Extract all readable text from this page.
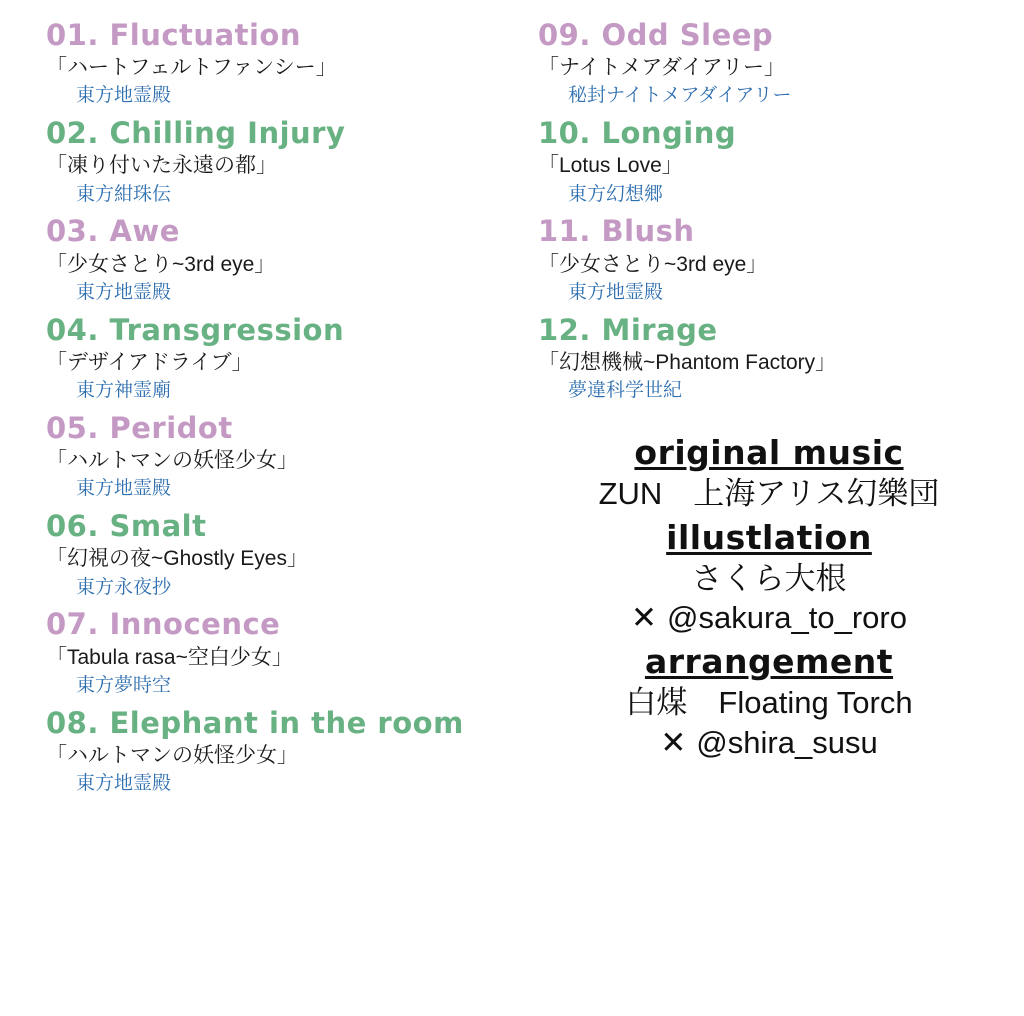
01. Fluctuation
「ハートフェルトファンシー」
東方地霊殿
02. Chilling Injury
「凍り付いた永遠の都」
東方紺珠伝
03. Awe
「少女さとり~3rd eye」
東方地霊殿
04. Transgression
「デザイアドライブ」
東方神霊廟
05. Peridot
「ハルトマンの妖怪少女」
東方地霊殿
06. Smalt
「幻視の夜~Ghostly Eyes」
東方永夜抄
07. Innocence
「Tabula rasa~空白少女」
東方夢時空
08. Elephant in the room
「ハルトマンの妖怪少女」
東方地霊殿
09. Odd Sleep
「ナイトメアダイアリー」
秘封ナイトメアダイアリー
10. Longing
「Lotus Love」
東方幻想郷
11. Blush
「少女さとり~3rd eye」
東方地霊殿
12. Mirage
「幻想機械~Phantom Factory」
夢違科学世紀
original music
ZUN　上海アリス幻樂団
illustlation
さくら大根
✕ @sakura_to_roro
arrangement
白煤　Floating Torch
✕ @shira_susu
